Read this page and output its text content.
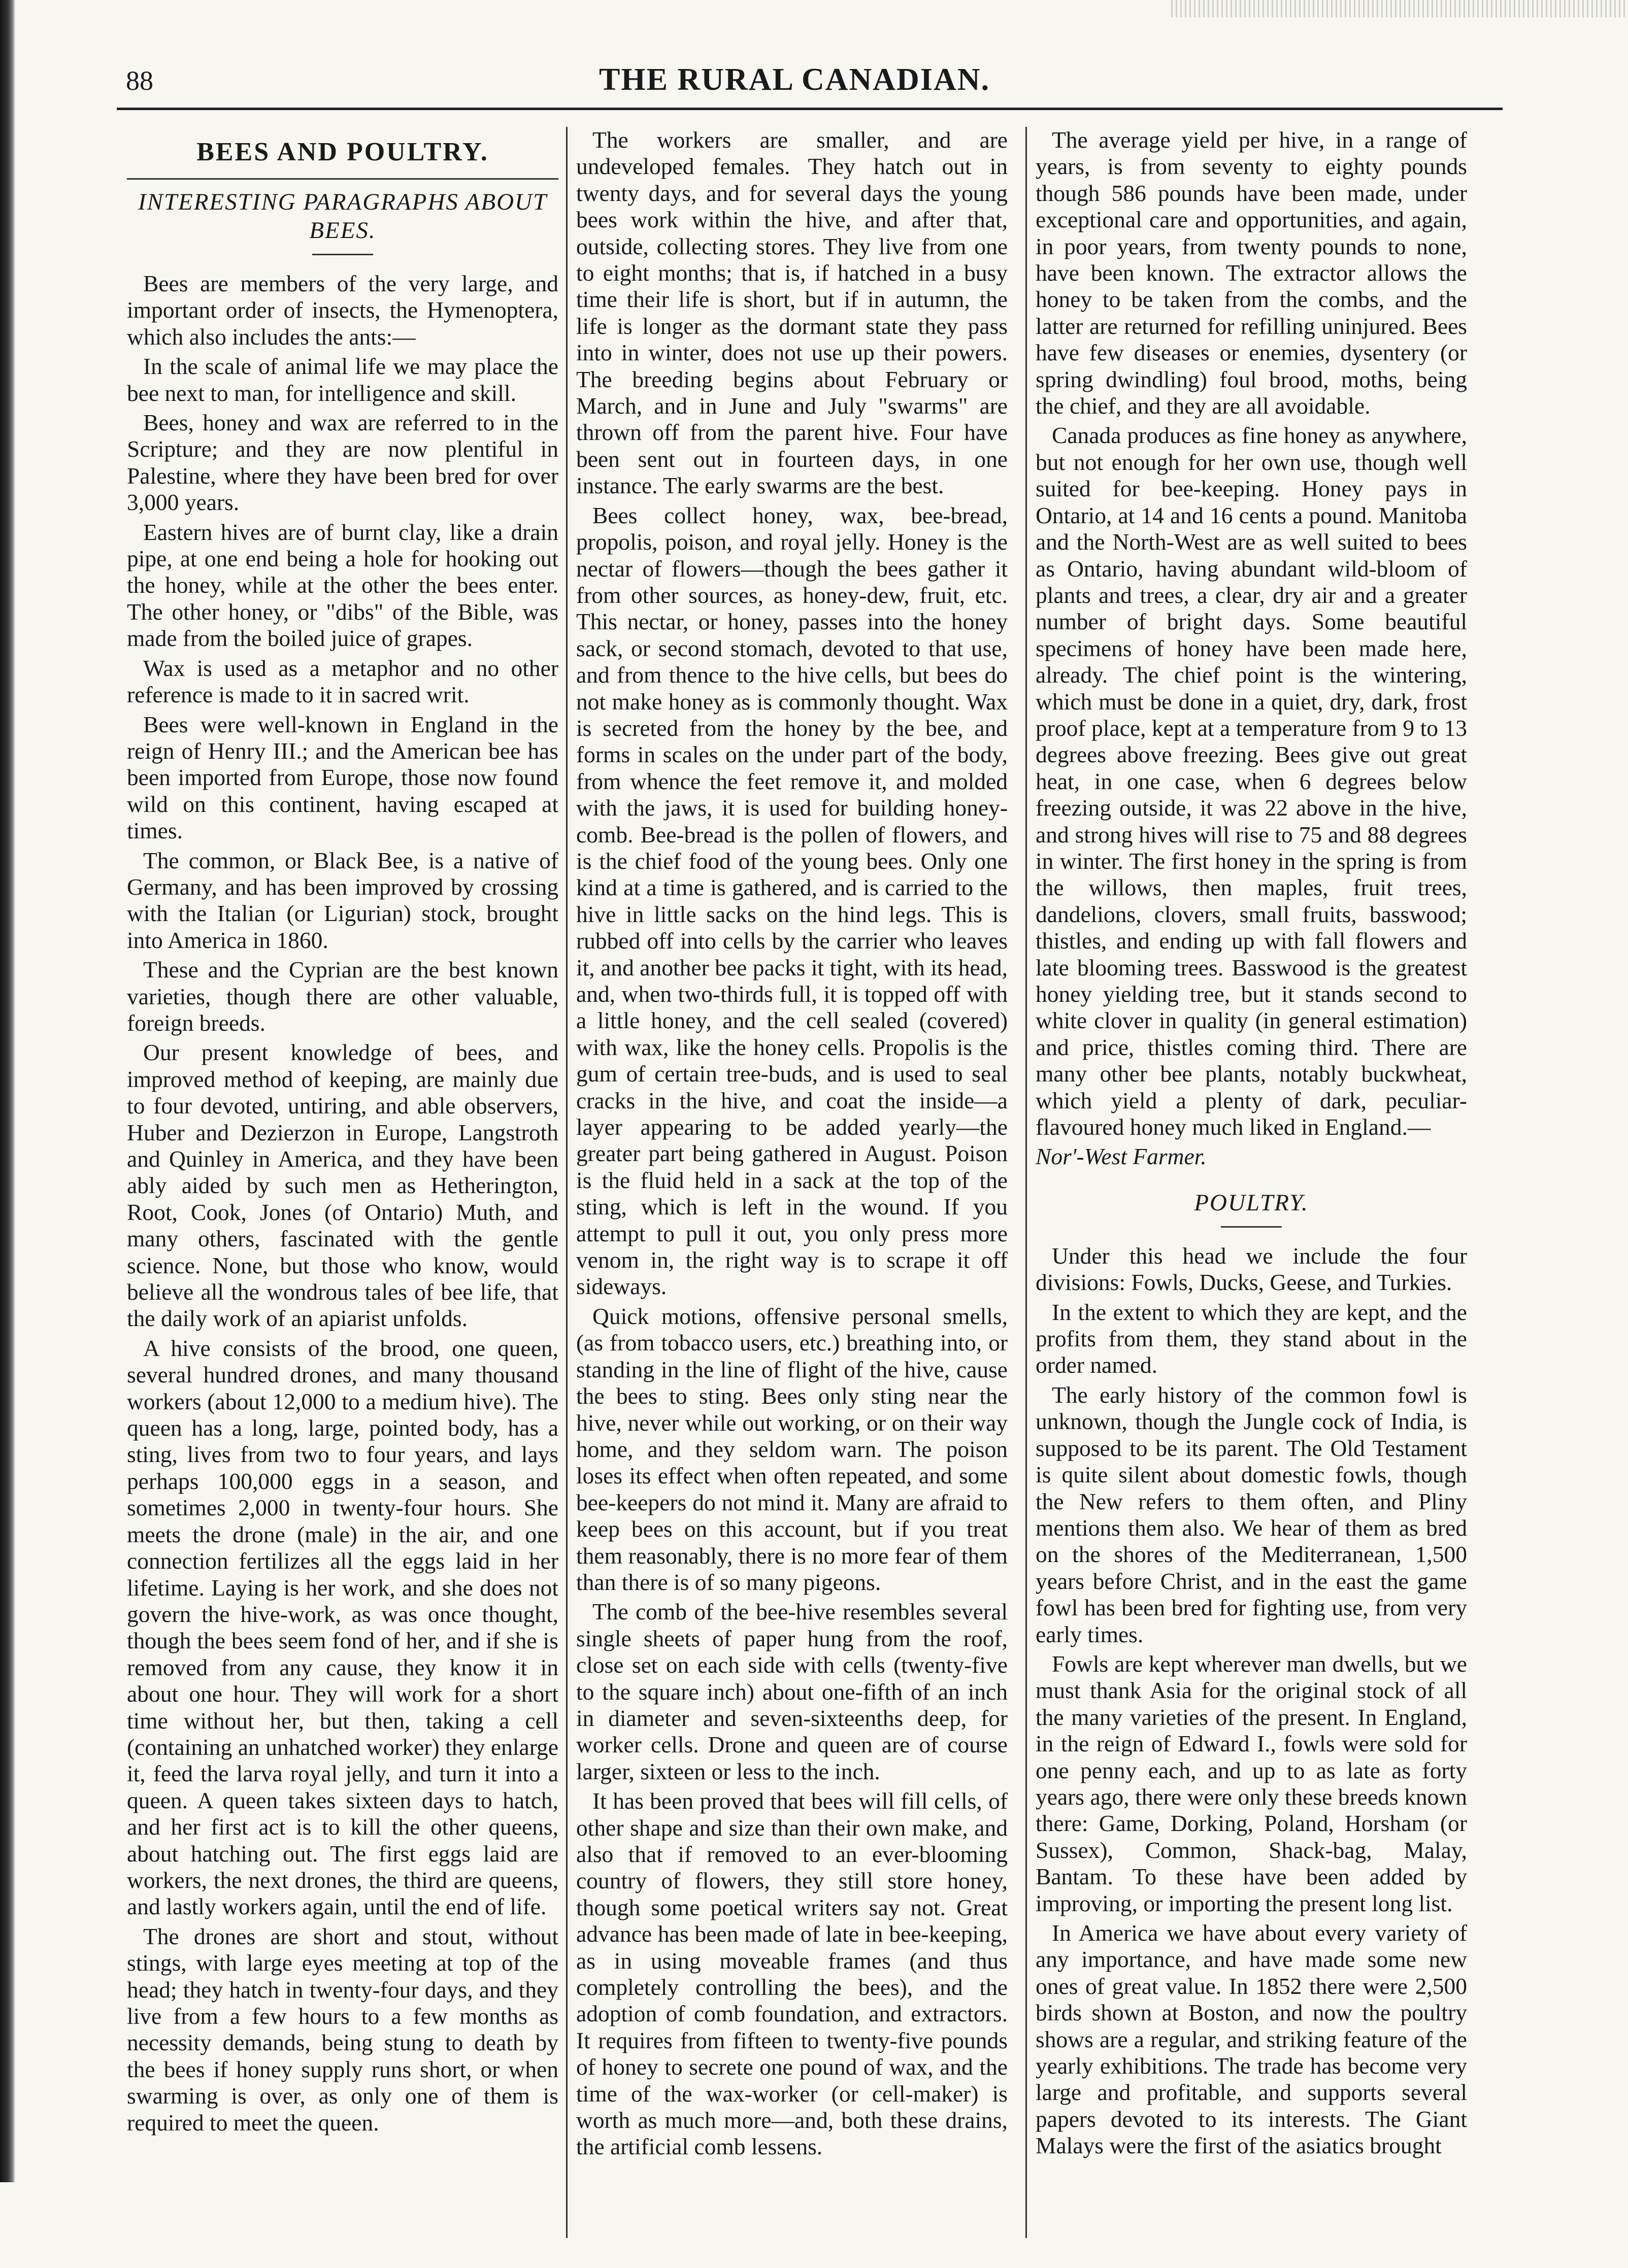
88	THE RURAL CANADIAN.
BEES AND POULTRY.
INTERESTING PARAGRAPHS ABOUT BEES.

Bees are members of the very large, and important order of insects, the Hymenoptera, which also includes the ants:—

In the scale of animal life we may place the bee next to man, for intelligence and skill.

Bees, honey and wax are referred to in the Scripture; and they are now plentiful in Palestine, where they have been bred for over 3,000 years.

Eastern hives are of burnt clay, like a drain pipe, at one end being a hole for hooking out the honey, while at the other the bees enter. The other honey, or "dibs" of the Bible, was made from the boiled juice of grapes.

Wax is used as a metaphor and no other reference is made to it in sacred writ.

Bees were well-known in England in the reign of Henry III.; and the American bee has been imported from Europe, those now found wild on this continent, having escaped at times.

The common, or Black Bee, is a native of Germany, and has been improved by crossing with the Italian (or Ligurian) stock, brought into America in 1860.

These and the Cyprian are the best known varieties, though there are other valuable, foreign breeds.

Our present knowledge of bees, and improved method of keeping, are mainly due to four devoted, untiring, and able observers, Huber and Dezierzon in Europe, Langstroth and Quinley in America, and they have been ably aided by such men as Hetherington, Root, Cook, Jones (of Ontario) Muth, and many others, fascinated with the gentle science. None, but those who know, would believe all the wondrous tales of bee life, that the daily work of an apiarist unfolds.

A hive consists of the brood, one queen, several hundred drones, and many thousand workers (about 12,000 to a medium hive). The queen has a long, large, pointed body, has a sting, lives from two to four years, and lays perhaps 100,000 eggs in a season, and sometimes 2,000 in twenty-four hours. She meets the drone (male) in the air, and one connection fertilizes all the eggs laid in her lifetime. Laying is her work, and she does not govern the hive-work, as was once thought, though the bees seem fond of her, and if she is removed from any cause, they know it in about one hour. They will work for a short time without her, but then, taking a cell (containing an unhatched worker) they enlarge it, feed the larva royal jelly, and turn it into a queen. A queen takes sixteen days to hatch, and her first act is to kill the other queens, about hatching out. The first eggs laid are workers, the next drones, the third are queens, and lastly workers again, until the end of life.

The drones are short and stout, without stings, with large eyes meeting at top of the head; they hatch in twenty-four days, and they live from a few hours to a few months as necessity demands, being stung to death by the bees if honey supply runs short, or when swarming is over, as only one of them is required to meet the queen.

The workers are smaller, and are undeveloped females. They hatch out in twenty days, and for several days the young bees work within the hive, and after that, outside, collecting stores. They live from one to eight months; that is, if hatched in a busy time their life is short, but if in autumn, the life is longer as the dormant state they pass into in winter, does not use up their powers. The breeding begins about February or March, and in June and July "swarms" are thrown off from the parent hive. Four have been sent out in fourteen days, in one instance. The early swarms are the best.

Bees collect honey, wax, bee-bread, propolis, poison, and royal jelly. Honey is the nectar of flowers—though the bees gather it from other sources, as honey-dew, fruit, etc. This nectar, or honey, passes into the honey sack, or second stomach, devoted to that use, and from thence to the hive cells, but bees do not make honey as is commonly thought. Wax is secreted from the honey by the bee, and forms in scales on the under part of the body, from whence the feet remove it, and molded with the jaws, it is used for building honey-comb. Bee-bread is the pollen of flowers, and is the chief food of the young bees. Only one kind at a time is gathered, and is carried to the hive in little sacks on the hind legs. This is rubbed off into cells by the carrier who leaves it, and another bee packs it tight, with its head, and, when two-thirds full, it is topped off with a little honey, and the cell sealed (covered) with wax, like the honey cells. Propolis is the gum of certain tree-buds, and is used to seal cracks in the hive, and coat the inside—a layer appearing to be added yearly—the greater part being gathered in August. Poison is the fluid held in a sack at the top of the sting, which is left in the wound. If you attempt to pull it out, you only press more venom in, the right way is to scrape it off sideways.

Quick motions, offensive personal smells, (as from tobacco users, etc.) breathing into, or standing in the line of flight of the hive, cause the bees to sting. Bees only sting near the hive, never while out working, or on their way home, and they seldom warn. The poison loses its effect when often repeated, and some bee-keepers do not mind it. Many are afraid to keep bees on this account, but if you treat them reasonably, there is no more fear of them than there is of so many pigeons.

The comb of the bee-hive resembles several single sheets of paper hung from the roof, close set on each side with cells (twenty-five to the square inch) about one-fifth of an inch in diameter and seven-sixteenths deep, for worker cells. Drone and queen are of course larger, sixteen or less to the inch.

It has been proved that bees will fill cells, of other shape and size than their own make, and also that if removed to an ever-blooming country of flowers, they still store honey, though some poetical writers say not. Great advance has been made of late in bee-keeping, as in using moveable frames (and thus completely controlling the bees), and the adoption of comb foundation, and extractors. It requires from fifteen to twenty-five pounds of honey to secrete one pound of wax, and the time of the wax-worker (or cell-maker) is worth as much more—and, both these drains, the artificial comb lessens.

The average yield per hive, in a range of years, is from seventy to eighty pounds though 586 pounds have been made, under exceptional care and opportunities, and again, in poor years, from twenty pounds to none, have been known. The extractor allows the honey to be taken from the combs, and the latter are returned for refilling uninjured. Bees have few diseases or enemies, dysentery (or spring dwindling) foul brood, moths, being the chief, and they are all avoidable.

Canada produces as fine honey as anywhere, but not enough for her own use, though well suited for bee-keeping. Honey pays in Ontario, at 14 and 16 cents a pound. Manitoba and the North-West are as well suited to bees as Ontario, having abundant wild-bloom of plants and trees, a clear, dry air and a greater number of bright days. Some beautiful specimens of honey have been made here, already. The chief point is the wintering, which must be done in a quiet, dry, dark, frost proof place, kept at a temperature from 9 to 13 degrees above freezing. Bees give out great heat, in one case, when 6 degrees below freezing outside, it was 22 above in the hive, and strong hives will rise to 75 and 88 degrees in winter. The first honey in the spring is from the willows, then maples, fruit trees, dandelions, clovers, small fruits, basswood; thistles, and ending up with fall flowers and late blooming trees. Basswood is the greatest honey yielding tree, but it stands second to white clover in quality (in general estimation) and price, thistles coming third. There are many other bee plants, notably buckwheat, which yield a plenty of dark, peculiar-flavoured honey much liked in England.—

Nor'-West Farmer.

POULTRY.

Under this head we include the four divisions: Fowls, Ducks, Geese, and Turkies.

In the extent to which they are kept, and the profits from them, they stand about in the order named.

The early history of the common fowl is unknown, though the Jungle cock of India, is supposed to be its parent. The Old Testament is quite silent about domestic fowls, though the New refers to them often, and Pliny mentions them also. We hear of them as bred on the shores of the Mediterranean, 1,500 years before Christ, and in the east the game fowl has been bred for fighting use, from very early times.

Fowls are kept wherever man dwells, but we must thank Asia for the original stock of all the many varieties of the present. In England, in the reign of Edward I., fowls were sold for one penny each, and up to as late as forty years ago, there were only these breeds known there: Game, Dorking, Poland, Horsham (or Sussex), Common, Shack-bag, Malay, Bantam. To these have been added by improving, or importing the present long list.

In America we have about every variety of any importance, and have made some new ones of great value. In 1852 there were 2,500 birds shown at Boston, and now the poultry shows are a regular, and striking feature of the yearly exhibitions. The trade has become very large and profitable, and supports several papers devoted to its interests. The Giant Malays were the first of the asiatics brought
